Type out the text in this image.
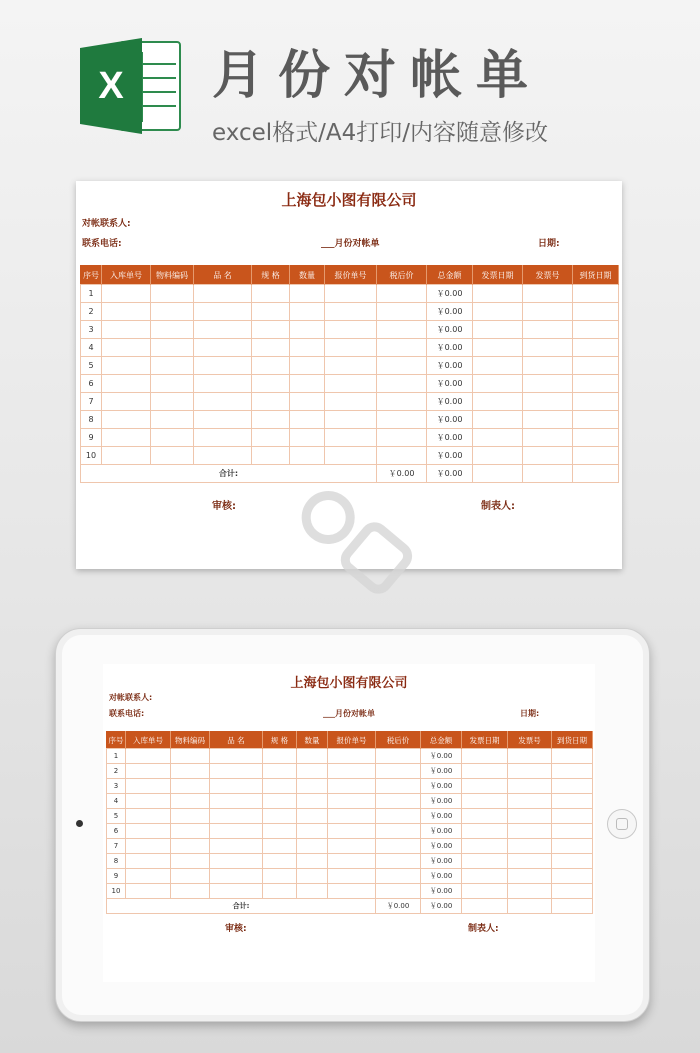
X 月份对帐单
excel格式/A4打印/内容随意修改
上海包小图有限公司
对帐联系人:
联系电话:	___月份对帐单	日期:
序号	入库单号	物料编码	品 名	规 格	数量	报价单号	税后价	总金额	发票日期	发票号	到货日期
1								￥0.00			
2								￥0.00			
3								￥0.00			
4								￥0.00			
5								￥0.00			
6								￥0.00			
7								￥0.00			
8								￥0.00			
9								￥0.00			
10								￥0.00			
合计:							￥0.00	￥0.00			
审核:	制表人:
上海包小图有限公司
对帐联系人:
联系电话:	___月份对帐单	日期:
序号	入库单号	物料编码	品 名	规 格	数量	报价单号	税后价	总金额	发票日期	发票号	到货日期
1								￥0.00			
2								￥0.00			
3								￥0.00			
4								￥0.00			
5								￥0.00			
6								￥0.00			
7								￥0.00			
8								￥0.00			
9								￥0.00			
10								￥0.00			
合计:							￥0.00	￥0.00			
审核:	制表人:
